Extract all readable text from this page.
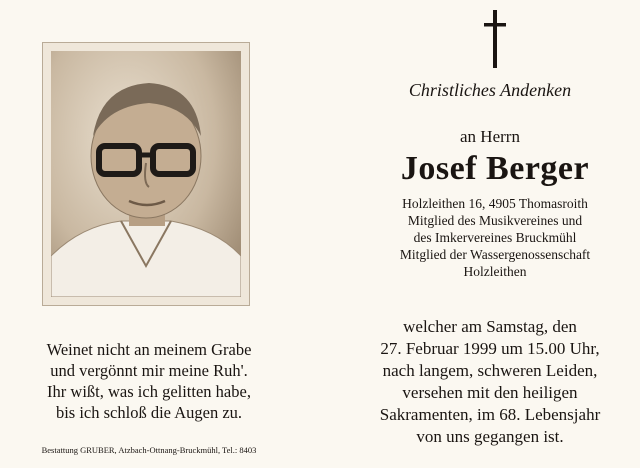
Weinet nicht an meinem Grabe
und vergönnt mir meine Ruh'.
Ihr wißt, was ich gelitten habe,
bis ich schloß die Augen zu.
Bestattung GRUBER, Atzbach-Ottnang-Bruckmühl, Tel.: 8403
Christliches Andenken
an Herrn
Josef Berger
Holzleithen 16, 4905 Thomasroith
Mitglied des Musikvereines und
des Imkervereines Bruckmühl
Mitglied der Wassergenossenschaft
Holzleithen
welcher am Samstag, den
27. Februar 1999 um 15.00 Uhr,
nach langem, schweren Leiden,
versehen mit den heiligen
Sakramenten, im 68. Lebensjahr
von uns gegangen ist.
